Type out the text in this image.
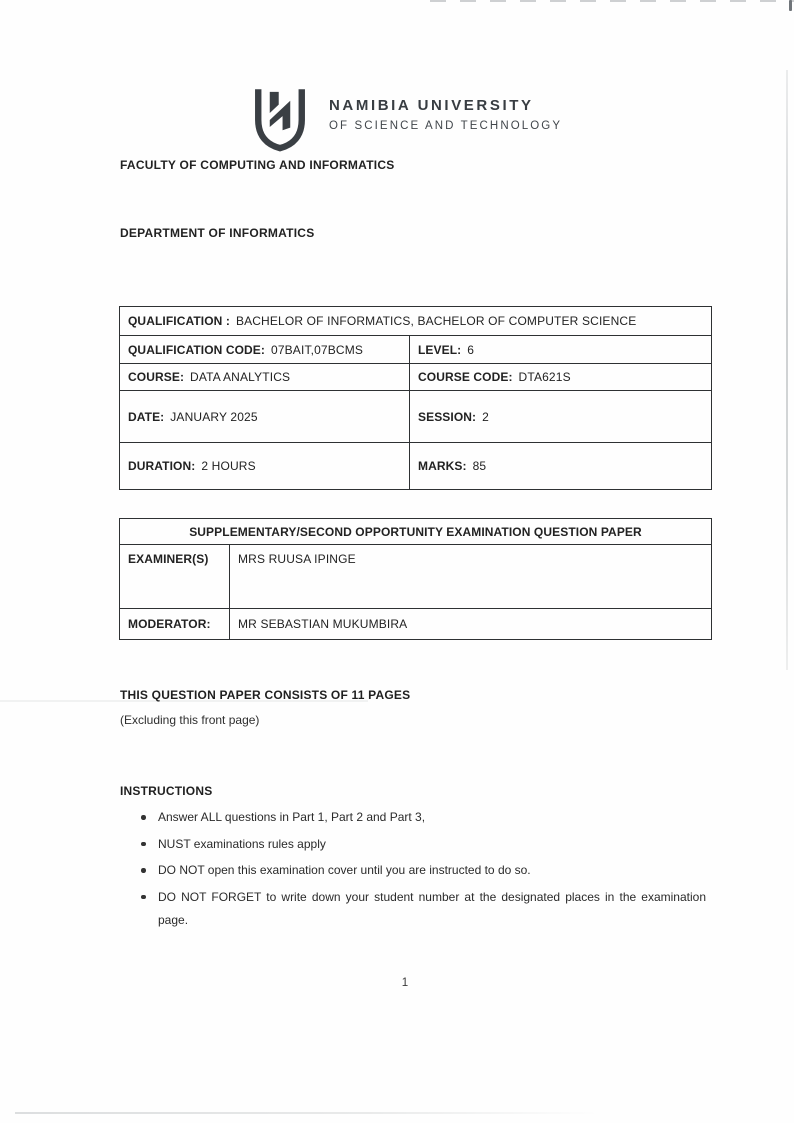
NAMIBIA UNIVERSITY
OF SCIENCE AND TECHNOLOGY
FACULTY OF COMPUTING AND INFORMATICS
DEPARTMENT OF INFORMATICS
QUALIFICATION : BACHELOR OF INFORMATICS, BACHELOR OF COMPUTER SCIENCE
QUALIFICATION CODE: 07BAIT,07BCMS	LEVEL: 6
COURSE: DATA ANALYTICS	COURSE CODE: DTA621S
DATE: JANUARY 2025	SESSION: 2
DURATION: 2 HOURS	MARKS: 85
SUPPLEMENTARY/SECOND OPPORTUNITY EXAMINATION QUESTION PAPER
EXAMINER(S) MRS RUUSA IPINGE
MODERATOR: MR SEBASTIAN MUKUMBIRA
THIS QUESTION PAPER CONSISTS OF 11 PAGES
(Excluding this front page)
INSTRUCTIONS
Answer ALL questions in Part 1, Part 2 and Part 3,
NUST examinations rules apply
DO NOT open this examination cover until you are instructed to do so.
DO NOT FORGET to write down your student number at the designated places in the examination page.
1
